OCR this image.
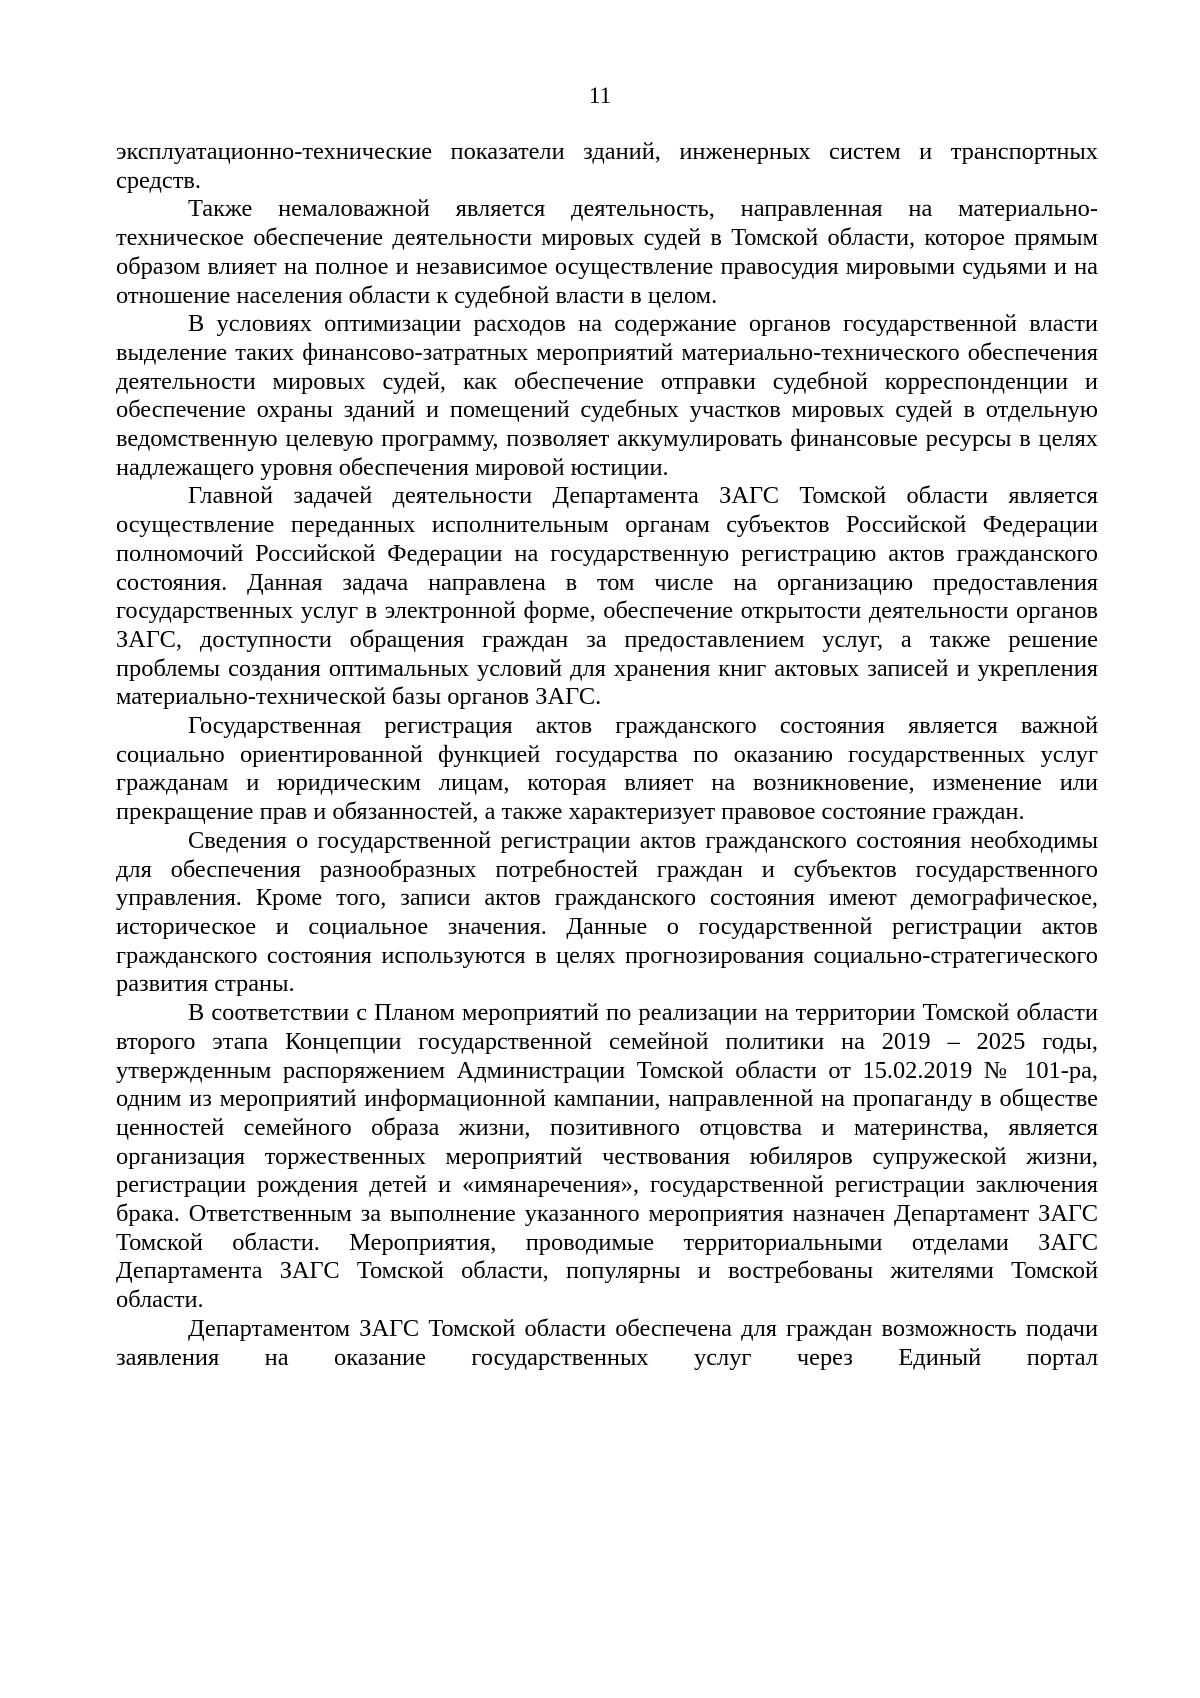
11

эксплуатационно-технические показатели зданий, инженерных систем и транспортных средств.

Также немаловажной является деятельность, направленная на материально-техническое обеспечение деятельности мировых судей в Томской области, которое прямым образом влияет на полное и независимое осуществление правосудия мировыми судьями и на отношение населения области к судебной власти в целом.

В условиях оптимизации расходов на содержание органов государственной власти выделение таких финансово-затратных мероприятий материально-технического обеспечения деятельности мировых судей, как обеспечение отправки судебной корреспонденции и обеспечение охраны зданий и помещений судебных участков мировых судей в отдельную ведомственную целевую программу, позволяет аккумулировать финансовые ресурсы в целях надлежащего уровня обеспечения мировой юстиции.

Главной задачей деятельности Департамента ЗАГС Томской области является осуществление переданных исполнительным органам субъектов Российской Федерации полномочий Российской Федерации на государственную регистрацию актов гражданского состояния. Данная задача направлена в том числе на организацию предоставления государственных услуг в электронной форме, обеспечение открытости деятельности органов ЗАГС, доступности обращения граждан за предоставлением услуг, а также решение проблемы создания оптимальных условий для хранения книг актовых записей и укрепления материально-технической базы органов ЗАГС.

Государственная регистрация актов гражданского состояния является важной социально ориентированной функцией государства по оказанию государственных услуг гражданам и юридическим лицам, которая влияет на возникновение, изменение или прекращение прав и обязанностей, а также характеризует правовое состояние граждан.

Сведения о государственной регистрации актов гражданского состояния необходимы для обеспечения разнообразных потребностей граждан и субъектов государственного управления. Кроме того, записи актов гражданского состояния имеют демографическое, историческое и социальное значения. Данные о государственной регистрации актов гражданского состояния используются в целях прогнозирования социально-стратегического развития страны.

В соответствии с Планом мероприятий по реализации на территории Томской области второго этапа Концепции государственной семейной политики на 2019 – 2025 годы, утвержденным распоряжением Администрации Томской области от 15.02.2019 № 101-ра, одним из мероприятий информационной кампании, направленной на пропаганду в обществе ценностей семейного образа жизни, позитивного отцовства и материнства, является организация торжественных мероприятий чествования юбиляров супружеской жизни, регистрации рождения детей и «имянаречения», государственной регистрации заключения брака. Ответственным за выполнение указанного мероприятия назначен Департамент ЗАГС Томской области. Мероприятия, проводимые территориальными отделами ЗАГС Департамента ЗАГС Томской области, популярны и востребованы жителями Томской области.

Департаментом ЗАГС Томской области обеспечена для граждан возможность подачи заявления на оказание государственных услуг через Единый портал
